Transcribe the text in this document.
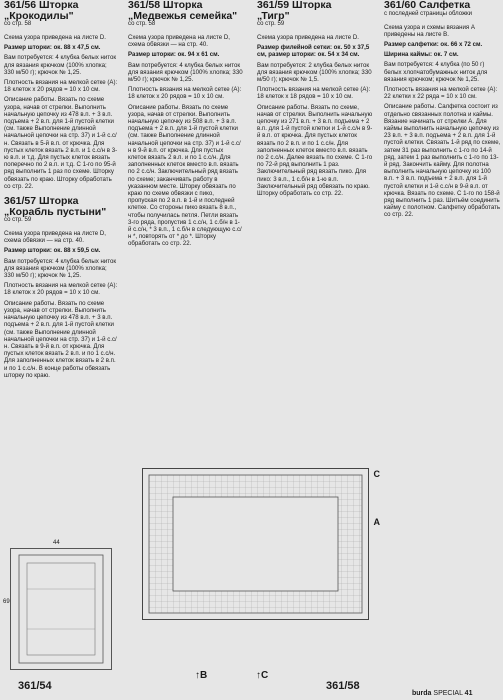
361/56 Шторка
„Крокодилы"
со стр. 58

Схема узора приведена на листе D.

Размер шторки: ок. 88 x 47,5 см.

Вам потребуется: 4 клубка белых ниток для вязания крючком (100% хлопка; 330 м/50 г); крючок № 1,25.

Плотность вязания на мелкой сетке (А): 18 клеток x 20 рядов = 10 x 10 см.

Описание работы. Вязать по схеме узора, начав от стрелки. Выполнить начальную цепочку из 478 в.п. + 3 в.п. подъема + 2 в.п. для 1-й пустой клетки (см. также Выполнение длинной начальной цепочки на стр. 37) и 1-й с.с/н. Связать в 5-й в.п. от крючка. Для пустых клеток вязать 2 в.п. и 1 с.с/н в 3-ю в.п. и т.д. Для пустых клеток вязать поперечно по 2 в.п. и т.д. С 1-го по 95-й ряд выполнить 1 раз по схеме. Шторку обвязать по краю. Шторку обработать со стр. 22.

361/57 Шторка
„Корабль пустыни"
со стр. 59

Схема узора приведена на листе D, схема обвязки — на стр. 40.

Размер шторки: ок. 88 x 59,5 см.

Вам потребуется: 4 клубка белых ниток для вязания крючком (100% хлопка; 330 м/50 г); крючок № 1,25.

Плотность вязания на мелкой сетке (А): 18 клеток x 20 рядов = 10 x 10 см.

Описание работы. Вязать по схеме узора, начав от стрелки. Выполнить начальную цепочку из 478 в.п. + 3 в.п. подъема + 2 в.п. для 1-й пустой клетки (см. также Выполнение длинной начальной цепочки на стр. 37) и 1-й с.с/н. Связать в 9-й в.п. от крючка. Для пустых клеток вязать 2 в.п. и по 1 с.с/н. Для заполненных клеток вязать в 2 в.п. и по 1 с.с/н. В конце работы обвязать шторку по краю.

69
44
361/54
361/58 Шторка
„Медвежья семейка"
со стр. 58

Схема узора приведена на листе D, схема обвязки — на стр. 40.

Размер шторки: ок. 94 x 61 см.

Вам потребуется: 4 клубка белых ниток для вязания крючком (100% хлопка; 330 м/50 г); крючок № 1,25.

Плотность вязания на мелкой сетке (А): 18 клеток x 20 рядов = 10 x 10 см.

Описание работы. Вязать по схеме узора, начав от стрелки. Выполнить начальную цепочку из 508 в.п. + 3 в.п. подъема + 2 в.п. для 1-й пустой клетки (см. также Выполнение длинной начальной цепочки на стр. 37) и 1-й с.с/н в 9-й в.п. от крючка. Для пустых клеток вязать 2 в.п. и по 1 с.с/н. Для заполненных клеток вместо в.п. вязать по 2 с.с/н. Заключительный ряд вязать по схеме; заканчивать работу в указанном месте. Шторку обвязать по краю по схеме обвязки с пико, пропуская по 2 в.п. в 1-й и последней клетке. Со стороны пико вязать 8 в.п., чтобы получилась петля. Петли вязать 3-го ряда, пропустив 1 с.с/н, 1 с.б/н в 1-й с.с/н, * 3 в.п., 1 с.б/н в следующую с.с/н *, повторять от * до *. Шторку обработать со стр. 22.

361/59 Шторка
„Тигр"
со стр. 59

Схема узора приведена на листе D.

Размер филейной сетки: ок. 50 x 37,5 см, размер шторки: ок. 54 x 34 см.

Вам потребуется: 2 клубка белых ниток для вязания крючком (100% хлопка; 330 м/50 г); крючок № 1,5.

Плотность вязания на мелкой сетке (А): 18 клеток x 18 рядов = 10 x 10 см.

Описание работы. Вязать по схеме, начав от стрелки. Выполнить начальную цепочку из 271 в.п. + 3 в.п. подъема + 2 в.п. для 1-й пустой клетки и 1-й с.с/н в 9-й в.п. от крючка. Для пустых клеток вязать по 2 в.п. и по 1 с.с/н. Для заполненных клеток вместо в.п. вязать по 2 с.с/н. Далее вязать по схеме. С 1-го по 72-й ряд выполнить 1 раз. Заключительный ряд вязать пико. Для пико: 3 в.п., 1 с.б/н в 1-ю в.п. Заключительный ряд обвязать по краю. Шторку обработать со стр. 22.

C
A
↑B	↑C
361/58
361/60 Салфетка
с последней страницы обложки

Схема узора и схемы вязания А приведены на листе В.

Размер салфетки: ок. 66 x 72 см.

Ширина каймы: ок. 7 см.

Вам потребуется: 4 клубка (по 50 г) белых хлопчатобумажных ниток для вязания крючком; крючок № 1,25.

Плотность вязания на мелкой сетке (А): 22 клетки x 22 ряда = 10 x 10 см.

Описание работы. Салфетка состоит из отдельно связанных полотна и каймы. Вязание начинать от стрелки А. Для каймы выполнить начальную цепочку из 23 в.п. + 3 в.п. подъема + 2 в.п. для 1-й пустой клетки. Связать 1-й ряд по схеме, затем 31 раз выполнить с 1-го по 14-й ряд, затем 1 раз выполнить с 1-го по 13-й ряд. Закончить кайму. Для полотна выполнить начальную цепочку из 100 в.п. + 3 в.п. подъема + 2 в.п. для 1-й пустой клетки и 1-й с.с/н в 9-й в.п. от крючка. Вязать по схеме. С 1-го по 158-й ряд выполнить 1 раз. Шитьём соединить кайму с полотном. Салфетку обработать со стр. 22.

burda SPECIAL 41
